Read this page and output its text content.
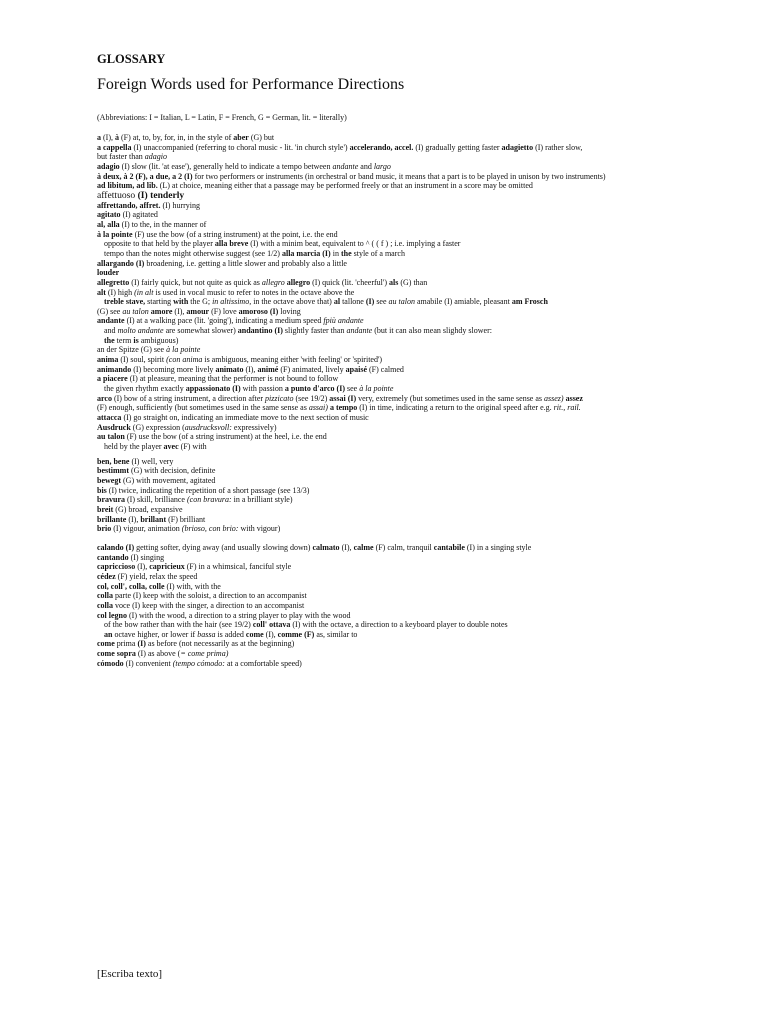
GLOSSARY
Foreign Words used for Performance Directions
(Abbreviations: I = Italian, L = Latin, F = French, G = German, lit. = literally)
a (I), à (F) at, to, by, for, in, in the style of aber (G) but
a cappella (I) unaccompanied (referring to choral music - lit. 'in church style') accelerando, accel. (I) gradually getting faster adagietto (I) rather slow,
but faster than adagio
adagio (I) slow (lit. 'at ease'), generally held to indicate a tempo between andante and largo
à deux, à 2 (F), a due, a 2 (I) for two performers or instruments (in orchestral or band music, it means that a part is to be played in unison by two instruments)
ad libitum, ad lib. (L) at choice, meaning either that a passage may be performed freely or that an instrument in a score may be omitted
affettuoso (I) tenderly
affrettando, affret. (I) hurrying
agitato (I) agitated
al, alla (I) to the, in the manner of
à la pointe (F) use the bow (of a string instrument) at the point, i.e. the end
opposite to that held by the player alla breve (I) with a minim beat, equivalent to ^ ( ( f ) ; i.e. implying a faster
tempo than the notes might otherwise suggest (see 1/2) alla marcia (I) in the style of a march
allargando (I) broadening, i.e. getting a little slower and probably also a little
louder
allegretto (I) fairly quick, but not quite as quick as allegro allegro (I) quick (lit. 'cheerful') als (G) than
alt (I) high (in alt is used in vocal music to refer to notes in the octave above the
treble stave, starting with the G; in altissimo, in the octave above that) al tallone (I) see au talon amabile (I) amiable, pleasant am Frosch
(G) see au talon amore (I), amour (F) love amoroso (I) loving
andante (I) at a walking pace (lit. 'going'), indicating a medium speed fpiù andante
and molto andante are somewhat slower) andantino (I) slightly faster than andante (but it can also mean slighdy slower:
the term is ambiguous)
an der Spitze (G) see à la pointe
anima (I) soul, spirit (con anima is ambiguous, meaning either 'with feeling' or 'spirited')
animando (I) becoming more lively animato (I), animé (F) animated, lively apaisé (F) calmed
a piacere (I) at pleasure, meaning that the performer is not bound to follow
the given rhythm exactly appassionato (I) with passion a punto d'arco (I) see à la pointe
arco (I) bow of a string instrument, a direction after pizzicato (see 19/2) assai (I) very, extremely (but sometimes used in the same sense as assez) assez
(F) enough, sufficiently (but sometimes used in the same sense as assai) a tempo (I) in time, indicating a return to the original speed after e.g. rit., rail.
attacca (I) go straight on, indicating an immediate move to the next section of music
Ausdruck (G) expression (ausdrucksvoll: expressively)
au talon (F) use the bow (of a string instrument) at the heel, i.e. the end
held by the player avec (F) with
ben, bene (I) well, very
bestimmt (G) with decision, definite
bewegt (G) with movement, agitated
bis (I) twice, indicating the repetition of a short passage (see 13/3)
bravura (I) skill, brilliance (con bravura: in a brilliant style)
breit (G) broad, expansive
brillante (I), brillant (F) brilliant
brio (I) vigour, animation (brioso, con brio: with vigour)
calando (I) getting softer, dying away (and usually slowing down) calmato (I), calme (F) calm, tranquil cantabile (I) in a singing style
cantando (I) singing
capriccioso (I), capricieux (F) in a whimsical, fanciful style
cédez (F) yield, relax the speed
col, coll', colla, colle (I) with, with the
colla parte (I) keep with the soloist, a direction to an accompanist
colla voce (I) keep with the singer, a direction to an accompanist
col legno (I) with the wood, a direction to a string player to play with the wood
of the bow rather than with the hair (see 19/2) coll' ottava (I) with the octave, a direction to a keyboard player to double notes
an octave higher, or lower if bassa is added come (I), comme (F) as, similar to
come prima (I) as before (not necessarily as at the beginning)
come sopra (I) as above (= come prima)
cómodo (I) convenient (tempo cómodo: at a comfortable speed)
[Escriba texto]
